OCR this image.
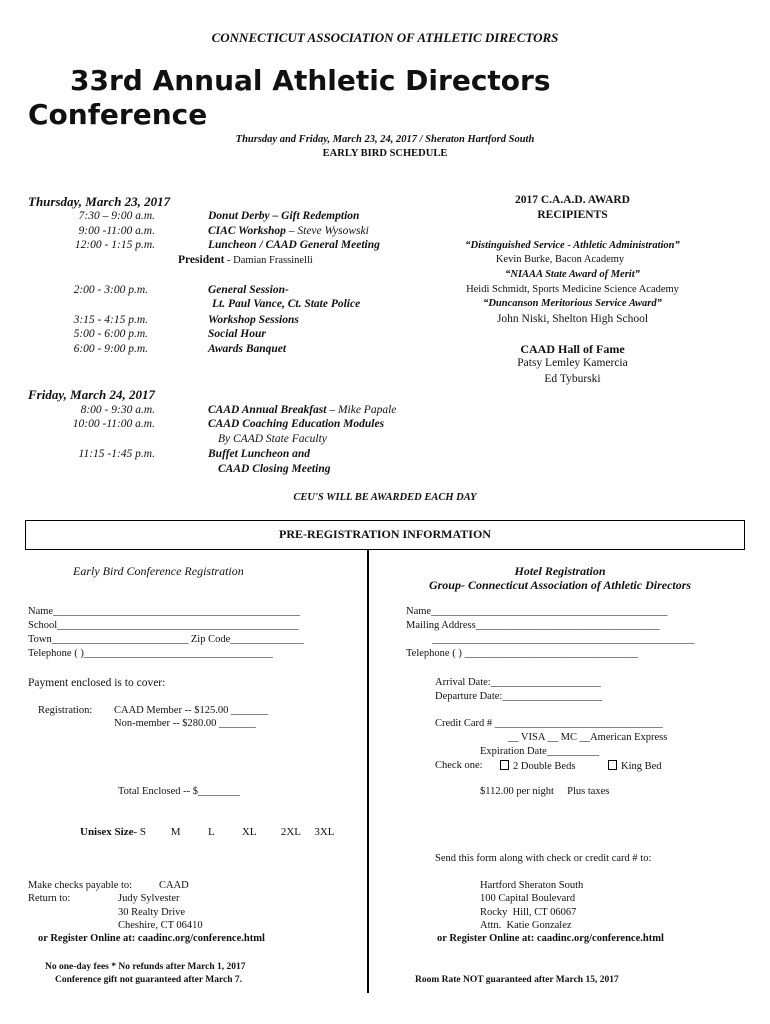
CONNECTICUT ASSOCIATION OF ATHLETIC DIRECTORS
33rd Annual Athletic Directors
Conference
Thursday and Friday, March 23, 24, 2017 / Sheraton Hartford South
EARLY BIRD SCHEDULE
Thursday, March 23, 2017
7:30 – 9:00 a.m.	Donut Derby – Gift Redemption
9:00 -11:00 a.m.	CIAC Workshop – Steve Wysowski
12:00 - 1:15 p.m.	Luncheon / CAAD General Meeting
President - Damian Frassinelli
2:00 - 3:00 p.m.	General Session-
Lt. Paul Vance, Ct. State Police
3:15 - 4:15 p.m.	Workshop Sessions
5:00 - 6:00 p.m.	Social Hour
6:00 - 9:00 p.m.	Awards Banquet
Friday, March 24, 2017
8:00 - 9:30 a.m.	CAAD Annual Breakfast – Mike Papale
10:00 -11:00 a.m.	CAAD Coaching Education Modules
By CAAD State Faculty
11:15 -1:45 p.m.	Buffet Luncheon and
CAAD Closing Meeting
CEU'S WILL BE AWARDED EACH DAY
2017 C.A.A.D. AWARD
RECIPIENTS
“Distinguished Service - Athletic Administration”
Kevin Burke, Bacon Academy
“NIAAA State Award of Merit”
Heidi Schmidt, Sports Medicine Science Academy
“Duncanson Meritorious Service Award”
John Niski, Shelton High School
CAAD Hall of Fame
Patsy Lemley Kamercia
Ed Tyburski
PRE-REGISTRATION INFORMATION
Early Bird Conference Registration
Name_______________________________________________
School______________________________________________
Town__________________________ Zip Code______________
Telephone ( )____________________________________
Payment enclosed is to cover:
Registration: CAAD Member -- $125.00 _______
Non-member -- $280.00 _______
Total Enclosed -- $________
Unisex Size- S         M          L          XL         2XL     3XL
Make checks payable to:	CAAD
Return to:	Judy Sylvester
30 Realty Drive
Cheshire, CT 06410
or Register Online at: caadinc.org/conference.html
No one-day fees * No refunds after March 1, 2017
Conference gift not guaranteed after March 7.
Hotel Registration
Group- Connecticut Association of Athletic Directors
Name_____________________________________________
Mailing Address___________________________________
__________________________________________________
Telephone ( ) _________________________________
Arrival Date:_____________________
Departure Date:___________________
Credit Card # ________________________________
__ VISA __ MC __American Express
Expiration Date__________
Check one:	2 Double Beds	King Bed
$112.00 per night     Plus taxes
Send this form along with check or credit card # to:
Hartford Sheraton South
100 Capital Boulevard
Rocky  Hill, CT 06067
Attn.  Katie Gonzalez
or Register Online at: caadinc.org/conference.html
Room Rate NOT guaranteed after March 15, 2017
